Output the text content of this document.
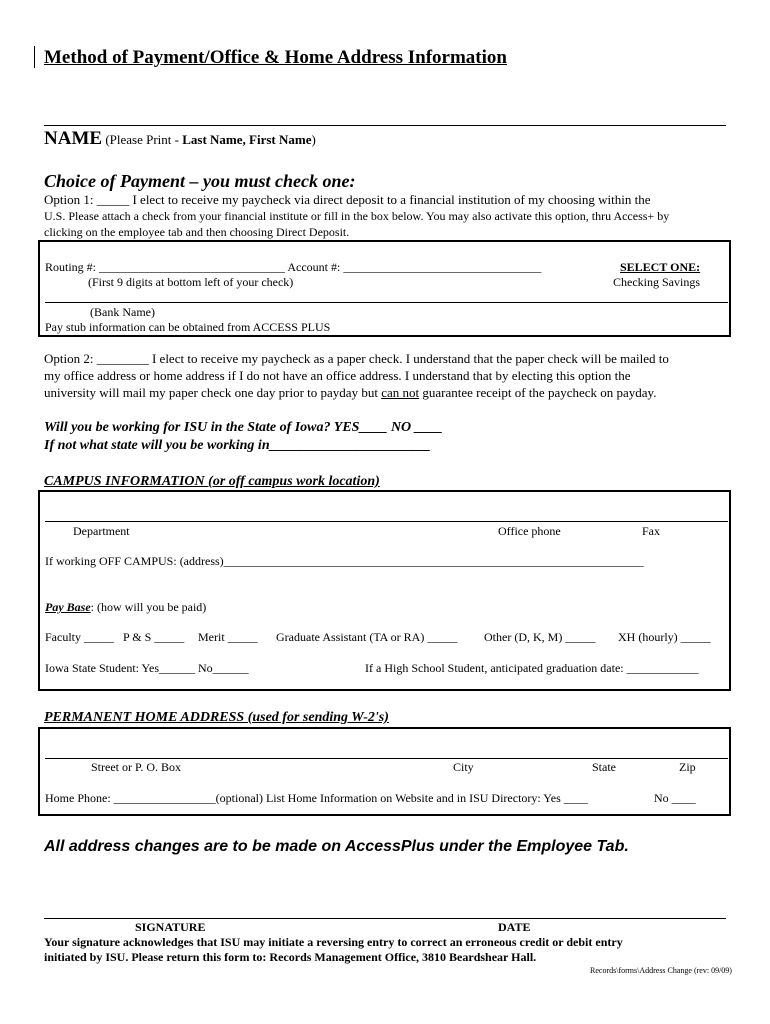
Method of Payment/Office & Home Address Information
NAME (Please Print - Last Name, First Name)
Choice of Payment – you must check one:
Option 1: _____ I elect to receive my paycheck via direct deposit to a financial institution of my choosing within the
U.S. Please attach a check from your financial institute or fill in the box below. You may also activate this option, thru Access+ by
clicking on the employee tab and then choosing Direct Deposit.
Routing #: _______________________________ Account #: _________________________________
(First 9 digits at bottom left of your check)
SELECT ONE:
Checking Savings
(Bank Name)
Pay stub information can be obtained from ACCESS PLUS
Option 2: ________ I elect to receive my paycheck as a paper check. I understand that the paper check will be mailed to
my office address or home address if I do not have an office address. I understand that by electing this option the
university will mail my paper check one day prior to payday but can not guarantee receipt of the paycheck on payday.
Will you be working for ISU in the State of Iowa? YES____ NO ____
If not what state will you be working in_______________________
CAMPUS INFORMATION (or off campus work location)
Department	Office phone	Fax
If working OFF CAMPUS: (address)______________________________________________________________________
Pay Base: (how will you be paid)
Faculty _____ P & S _____ Merit _____ Graduate Assistant (TA or RA) _____ Other (D, K, M) _____ XH (hourly) _____
Iowa State Student: Yes______ No______	If a High School Student, anticipated graduation date: ____________
PERMANENT HOME ADDRESS (used for sending W-2's)
Street or P. O. Box	City	State	Zip
Home Phone: _________________(optional) List Home Information on Website and in ISU Directory: Yes ____	No ____
All address changes are to be made on AccessPlus under the Employee Tab.
SIGNATURE	DATE
Your signature acknowledges that ISU may initiate a reversing entry to correct an erroneous credit or debit entry
initiated by ISU. Please return this form to: Records Management Office, 3810 Beardshear Hall.
Records\forms\Address Change (rev: 09/09)
